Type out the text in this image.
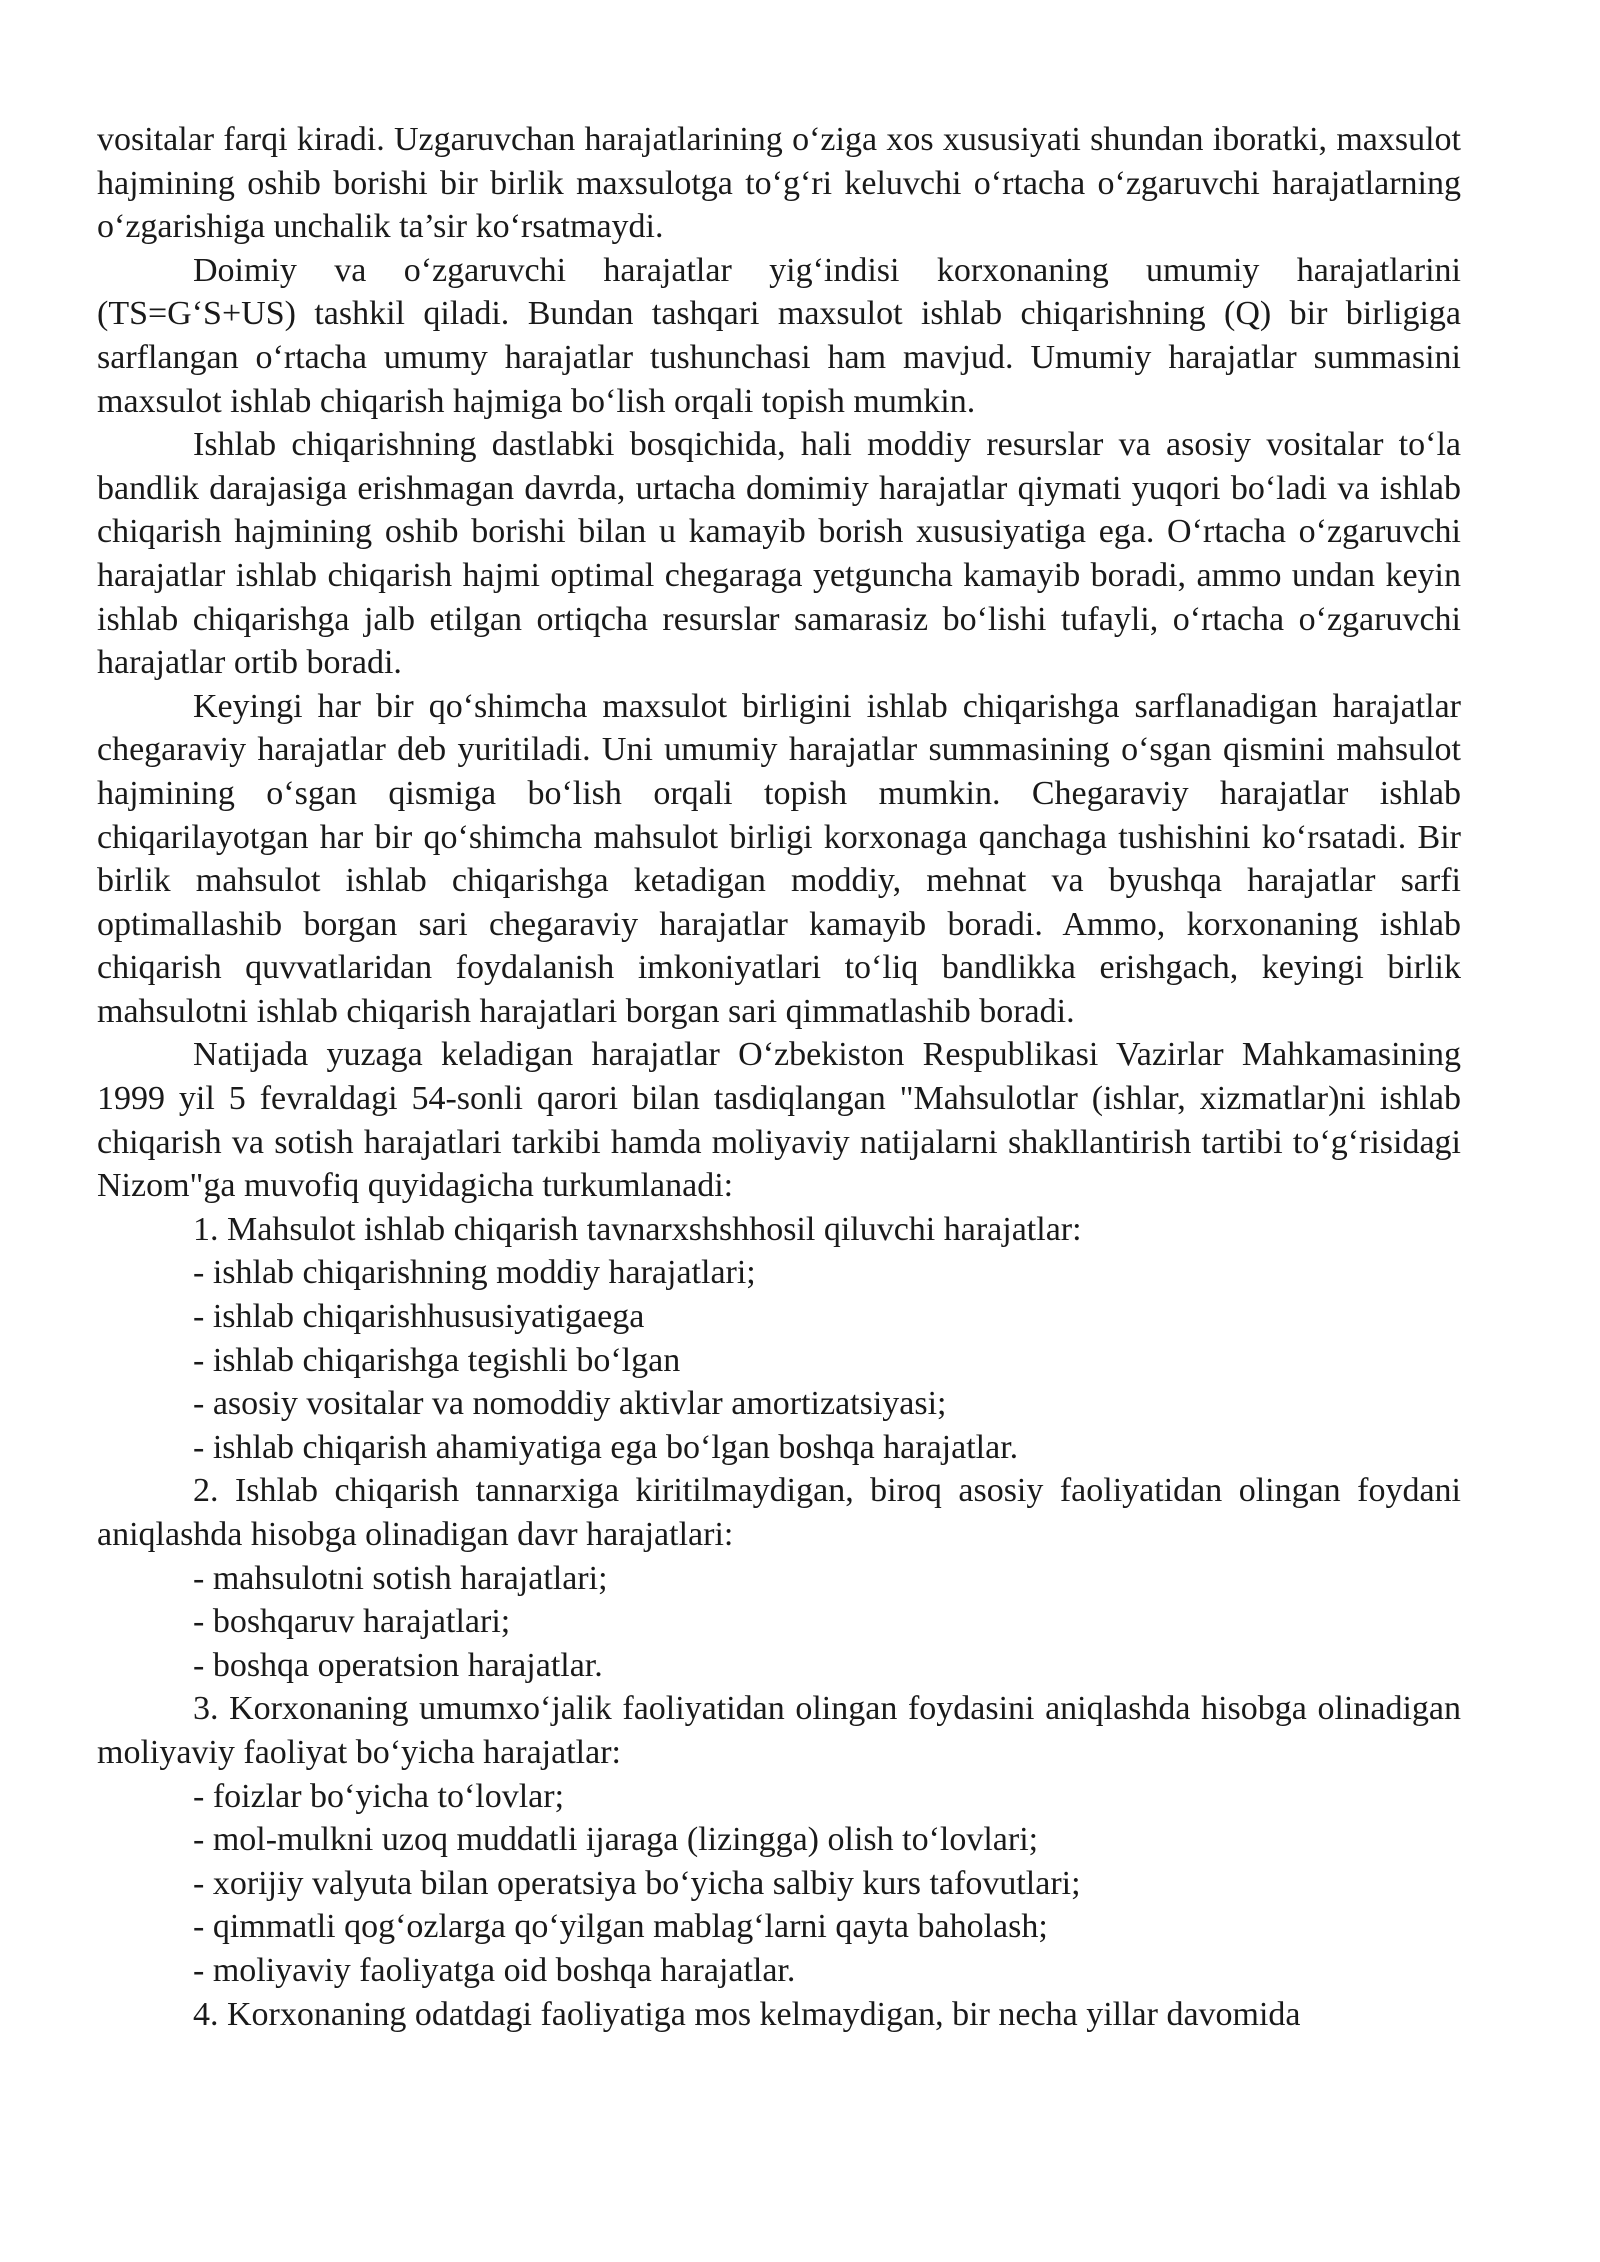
vositalar farqi kiradi. Uzgaruvchan harajatlarining o‘ziga xos xususiyati shundan iboratki, maxsulot hajmining oshib borishi bir birlik maxsulotga to‘g‘ri keluvchi o‘rtacha o‘zgaruvchi harajatlarning o‘zgarishiga unchalik ta’sir ko‘rsatmaydi.

Doimiy va o‘zgaruvchi harajatlar yig‘indisi korxonaning umumiy harajatlarini (TS=G‘S+US) tashkil qiladi. Bundan tashqari maxsulot ishlab chiqarishning (Q) bir birligiga sarflangan o‘rtacha umumy harajatlar tushunchasi ham mavjud. Umumiy harajatlar summasini maxsulot ishlab chiqarish hajmiga bo‘lish orqali topish mumkin.

Ishlab chiqarishning dastlabki bosqichida, hali moddiy resurslar va asosiy vositalar to‘la bandlik darajasiga erishmagan davrda, urtacha domimiy harajatlar qiymati yuqori bo‘ladi va ishlab chiqarish hajmining oshib borishi bilan u kamayib borish xususiyatiga ega. O‘rtacha o‘zgaruvchi harajatlar ishlab chiqarish hajmi optimal chegaraga yetguncha kamayib boradi, ammo undan keyin ishlab chiqarishga jalb etilgan ortiqcha resurslar samarasiz bo‘lishi tufayli, o‘rtacha o‘zgaruvchi harajatlar ortib boradi.

Keyingi har bir qo‘shimcha maxsulot birligini ishlab chiqarishga sarflanadigan harajatlar chegaraviy harajatlar deb yuritiladi. Uni umumiy harajatlar summasining o‘sgan qismini mahsulot hajmining o‘sgan qismiga bo‘lish orqali topish mumkin. Chegaraviy harajatlar ishlab chiqarilayotgan har bir qo‘shimcha mahsulot birligi korxonaga qanchaga tushishini ko‘rsatadi. Bir birlik mahsulot ishlab chiqarishga ketadigan moddiy, mehnat va byushqa harajatlar sarfi optimallashib borgan sari chegaraviy harajatlar kamayib boradi. Ammo, korxonaning ishlab chiqarish quvvatlaridan foydalanish imkoniyatlari to‘liq bandlikka erishgach, keyingi birlik mahsulotni ishlab chiqarish harajatlari borgan sari qimmatlashib boradi.

Natijada yuzaga keladigan harajatlar O‘zbekiston Respublikasi Vazirlar Mahkamasining 1999 yil 5 fevraldagi 54-sonli qarori bilan tasdiqlangan "Mahsulotlar (ishlar, xizmatlar)ni ishlab chiqarish va sotish harajatlari tarkibi hamda moliyaviy natijalarni shakllantirish tartibi to‘g‘risidagi Nizom"ga muvofiq quyidagicha turkumlanadi:

1. Mahsulot ishlab chiqarish tavnarxshshhosil qiluvchi harajatlar:

- ishlab chiqarishning moddiy harajatlari;

- ishlab chiqarishhususiyatigaega

- ishlab chiqarishga tegishli bo‘lgan

- asosiy vositalar va nomoddiy aktivlar amortizatsiyasi;

- ishlab chiqarish ahamiyatiga ega bo‘lgan boshqa harajatlar.

2. Ishlab chiqarish tannarxiga kiritilmaydigan, biroq asosiy faoliyatidan olingan foydani aniqlashda hisobga olinadigan davr harajatlari:

- mahsulotni sotish harajatlari;

- boshqaruv harajatlari;

- boshqa operatsion harajatlar.

3. Korxonaning umumxo‘jalik faoliyatidan olingan foydasini aniqlashda hisobga olinadigan moliyaviy faoliyat bo‘yicha harajatlar:

- foizlar bo‘yicha to‘lovlar;

- mol-mulkni uzoq muddatli ijaraga (lizingga) olish to‘lovlari;

- xorijiy valyuta bilan operatsiya bo‘yicha salbiy kurs tafovutlari;

- qimmatli qog‘ozlarga qo‘yilgan mablag‘larni qayta baholash;

- moliyaviy faoliyatga oid boshqa harajatlar.

4. Korxonaning odatdagi faoliyatiga mos kelmaydigan, bir necha yillar davomida
